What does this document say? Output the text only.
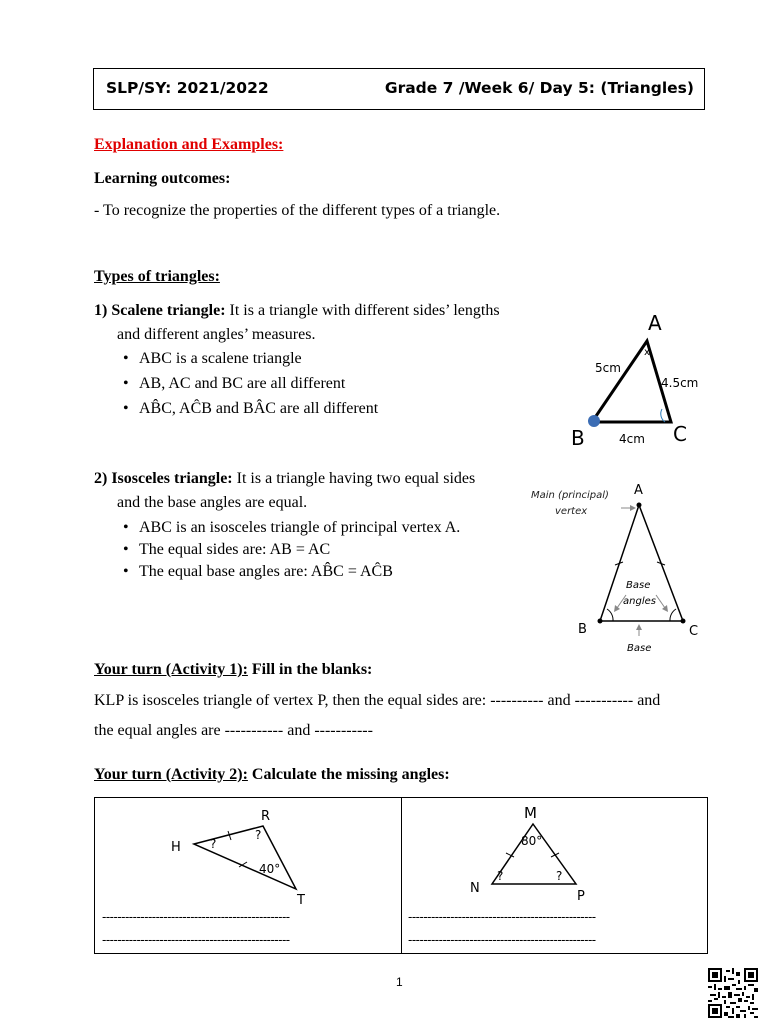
SLP/SY: 2021/2022	Grade 7 /Week 6/ Day 5: (Triangles)
Explanation and Examples:
Learning outcomes:
- To recognize the properties of the different types of a triangle.
Types of triangles:
1) Scalene triangle: It is a triangle with different sides’ lengths
and different angles’ measures.
• ABC is a scalene triangle
• AB, AC and BC are all different
• AB̂C, AĈB and BÂC are all different
A
x
5cm
4.5cm
B	4cm C
2) Isosceles triangle: It is a triangle having two equal sides
and the base angles are equal.
• ABC is an isosceles triangle of principal vertex A.
• The equal sides are: AB = AC
• The equal base angles are: AB̂C = AĈB
Main (principal)
vertex
A
Base
angles
B	C
Base
Your turn (Activity 1): Fill in the blanks:
KLP is isosceles triangle of vertex P, then the equal sides are: ---------- and ----------- and
the equal angles are ----------- and -----------
Your turn (Activity 2): Calculate the missing angles:
H
R
T
?
?
40°
M
N
P
80°
?	?
-------------------------------------------------
-------------------------------------------------
-------------------------------------------------
-------------------------------------------------
1
